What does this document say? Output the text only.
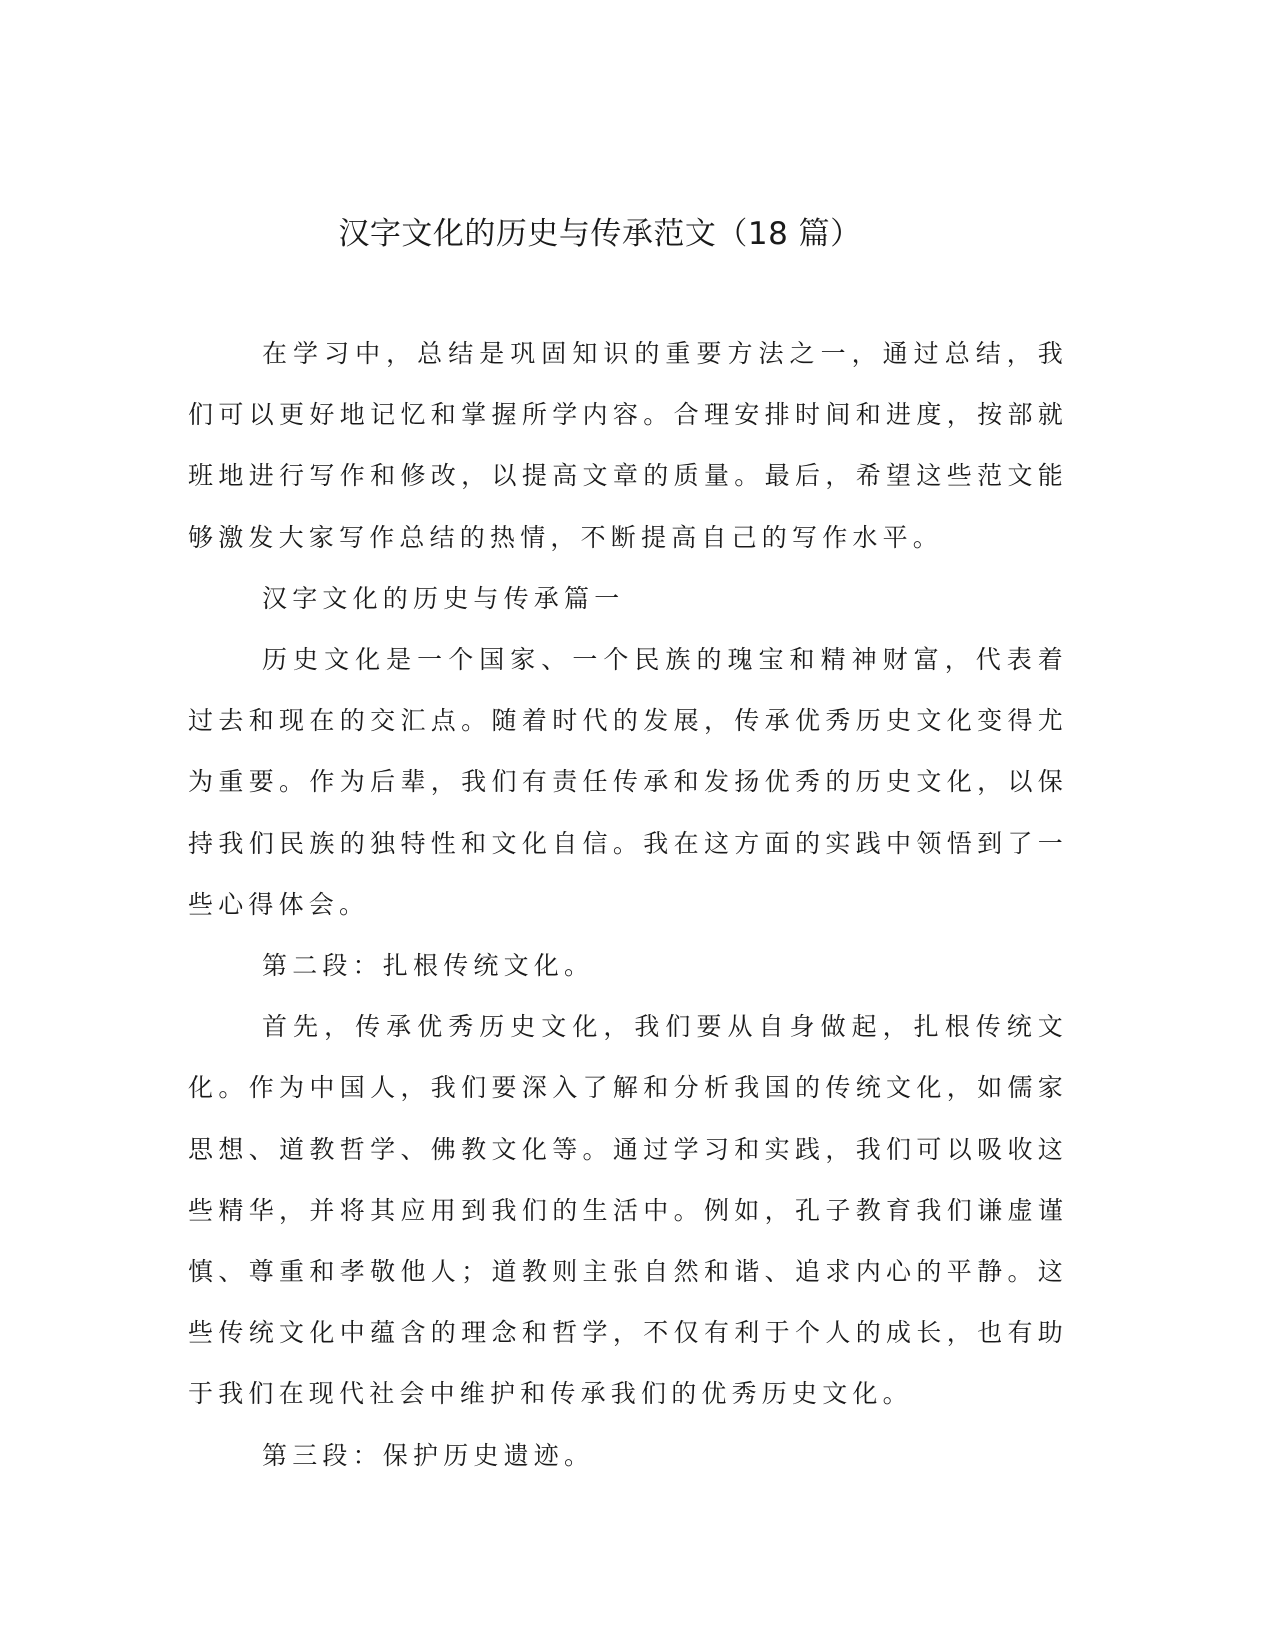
汉字文化的历史与传承范文（18 篇）

在学习中，总结是巩固知识的重要方法之一，通过总结，我们可以更好地记忆和掌握所学内容。合理安排时间和进度，按部就班地进行写作和修改，以提高文章的质量。最后，希望这些范文能够激发大家写作总结的热情，不断提高自己的写作水平。

汉字文化的历史与传承篇一

历史文化是一个国家、一个民族的瑰宝和精神财富，代表着过去和现在的交汇点。随着时代的发展，传承优秀历史文化变得尤为重要。作为后辈，我们有责任传承和发扬优秀的历史文化，以保持我们民族的独特性和文化自信。我在这方面的实践中领悟到了一些心得体会。

第二段：扎根传统文化。

首先，传承优秀历史文化，我们要从自身做起，扎根传统文化。作为中国人，我们要深入了解和分析我国的传统文化，如儒家思想、道教哲学、佛教文化等。通过学习和实践，我们可以吸收这些精华，并将其应用到我们的生活中。例如，孔子教育我们谦虚谨慎、尊重和孝敬他人；道教则主张自然和谐、追求内心的平静。这些传统文化中蕴含的理念和哲学，不仅有利于个人的成长，也有助于我们在现代社会中维护和传承我们的优秀历史文化。

第三段：保护历史遗迹。
